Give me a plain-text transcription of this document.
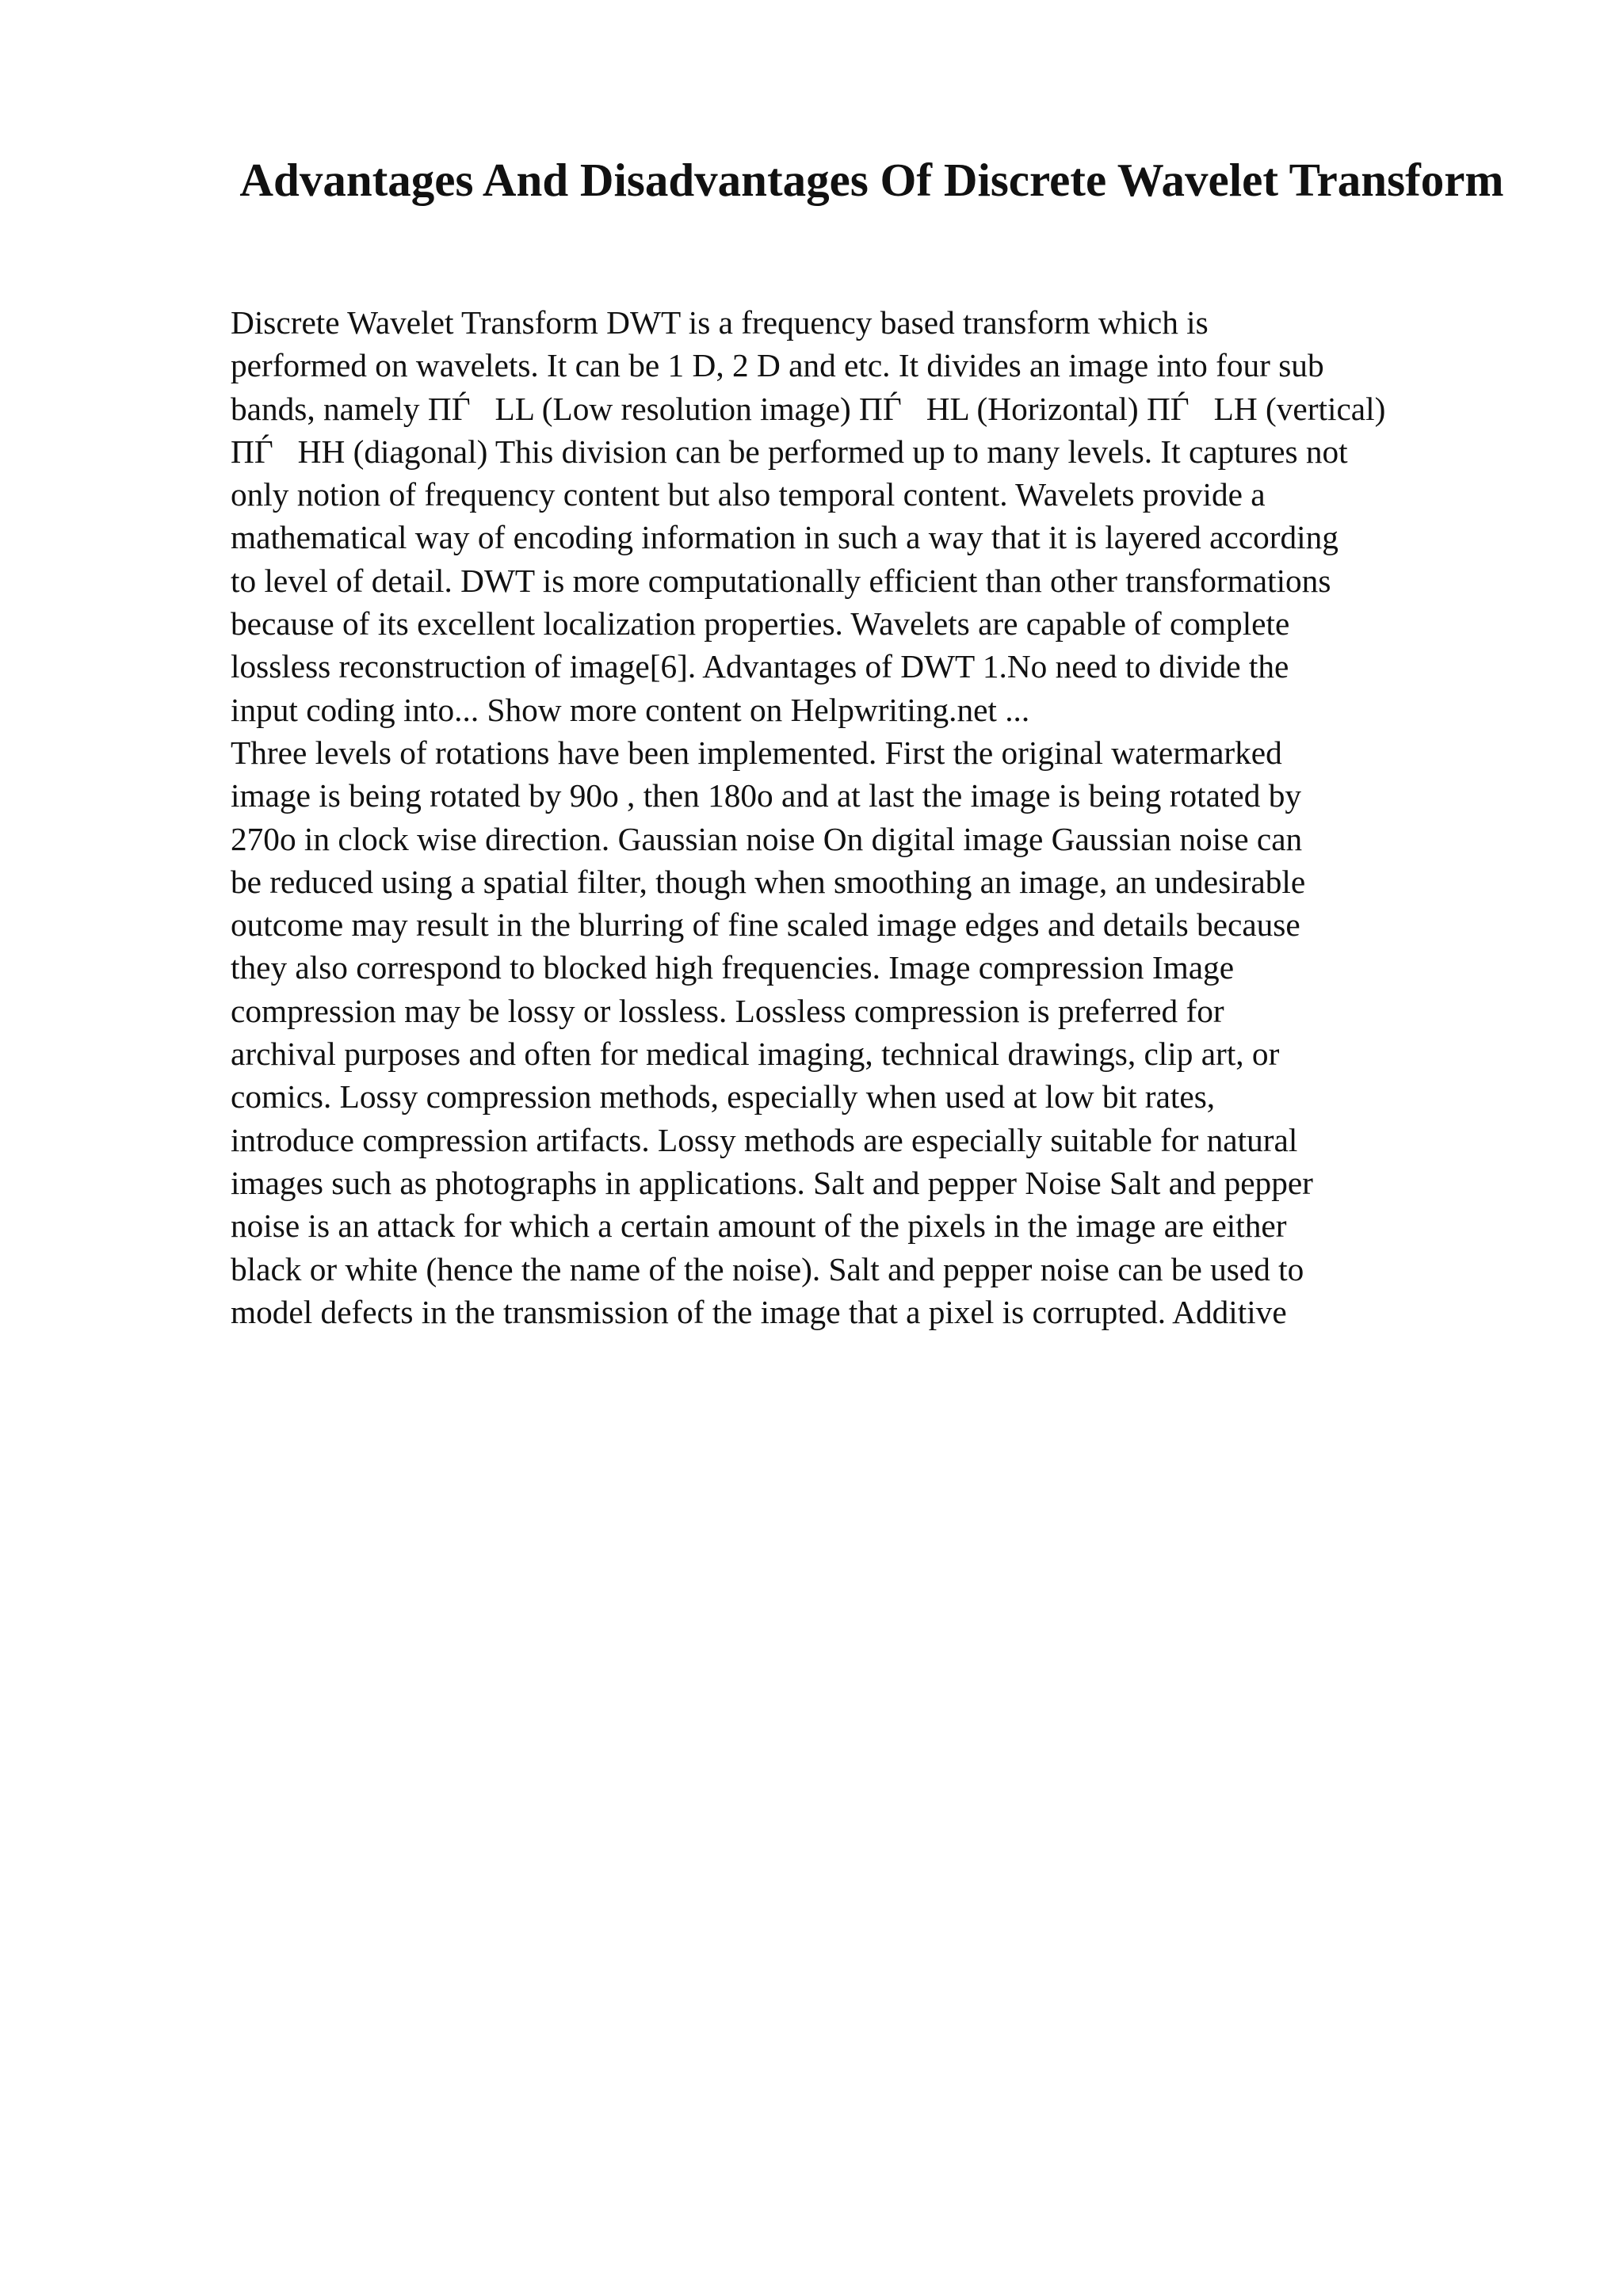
Advantages And Disadvantages Of Discrete Wavelet Transform
Discrete Wavelet Transform DWT is a frequency based transform which is
performed on wavelets. It can be 1 D, 2 D and etc. It divides an image into four sub
bands, namely ПЃ   LL (Low resolution image) ПЃ   HL (Horizontal) ПЃ   LH (vertical)
ПЃ   HH (diagonal) This division can be performed up to many levels. It captures not
only notion of frequency content but also temporal content. Wavelets provide a
mathematical way of encoding information in such a way that it is layered according
to level of detail. DWT is more computationally efficient than other transformations
because of its excellent localization properties. Wavelets are capable of complete
lossless reconstruction of image[6]. Advantages of DWT 1.No need to divide the
input coding into... Show more content on Helpwriting.net ...
Three levels of rotations have been implemented. First the original watermarked
image is being rotated by 90o , then 180o and at last the image is being rotated by
270o in clock wise direction. Gaussian noise On digital image Gaussian noise can
be reduced using a spatial filter, though when smoothing an image, an undesirable
outcome may result in the blurring of fine scaled image edges and details because
they also correspond to blocked high frequencies. Image compression Image
compression may be lossy or lossless. Lossless compression is preferred for
archival purposes and often for medical imaging, technical drawings, clip art, or
comics. Lossy compression methods, especially when used at low bit rates,
introduce compression artifacts. Lossy methods are especially suitable for natural
images such as photographs in applications. Salt and pepper Noise Salt and pepper
noise is an attack for which a certain amount of the pixels in the image are either
black or white (hence the name of the noise). Salt and pepper noise can be used to
model defects in the transmission of the image that a pixel is corrupted. Additive
